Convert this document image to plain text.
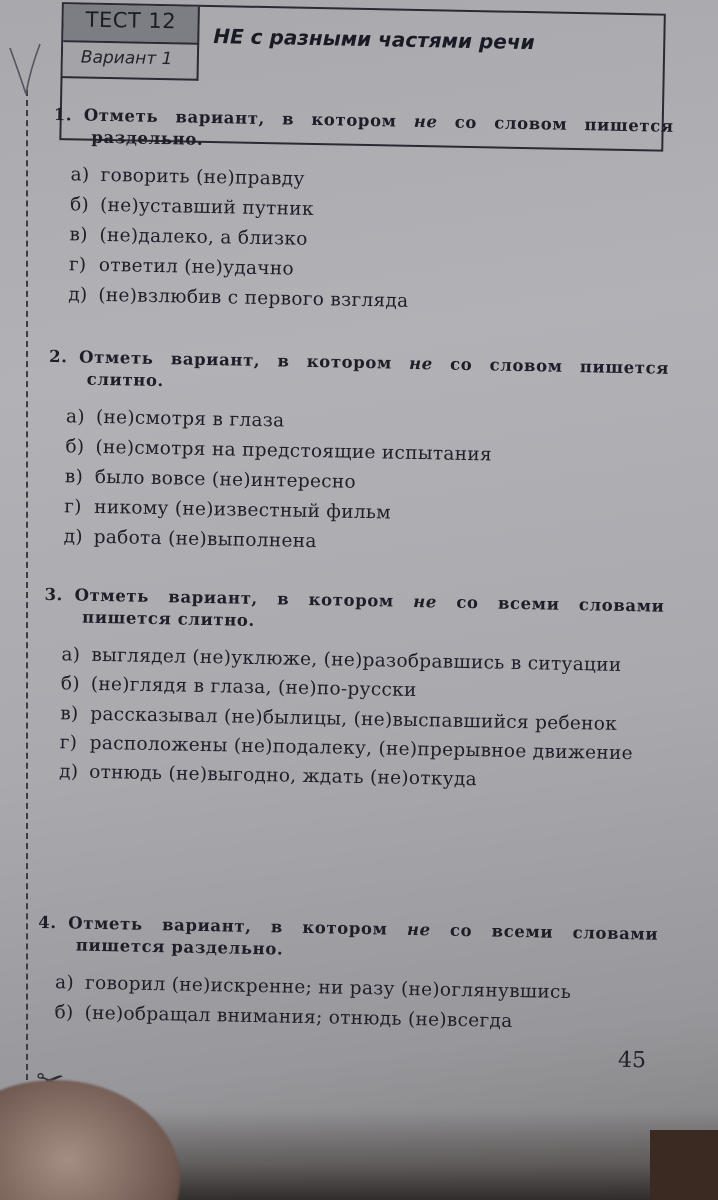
ТЕСТ 12
Вариант 1
НЕ с разными частями речи

1. Отметь вариант, в котором не со словом пишется раздельно.

а) говорить (не)правду
б) (не)уставший путник
в) (не)далеко, а близко
г) ответил (не)удачно
д) (не)взлюбив с первого взгляда

2. Отметь вариант, в котором не со словом пишется слитно.

а) (не)смотря в глаза
б) (не)смотря на предстоящие испытания
в) было вовсе (не)интересно
г) никому (не)известный фильм
д) работа (не)выполнена

3. Отметь вариант, в котором не со всеми словами пишется слитно.

а) выглядел (не)уклюже, (не)разобравшись в ситуации
б) (не)глядя в глаза, (не)по-русски
в) рассказывал (не)былицы, (не)выспавшийся ребенок
г) расположены (не)подалеку, (не)прерывное движение
д) отнюдь (не)выгодно, ждать (не)откуда

4. Отметь вариант, в котором не со всеми словами пишется раздельно.

а) говорил (не)искренне; ни разу (не)оглянувшись
б) (не)обращал внимания; отнюдь (не)всегда
45
